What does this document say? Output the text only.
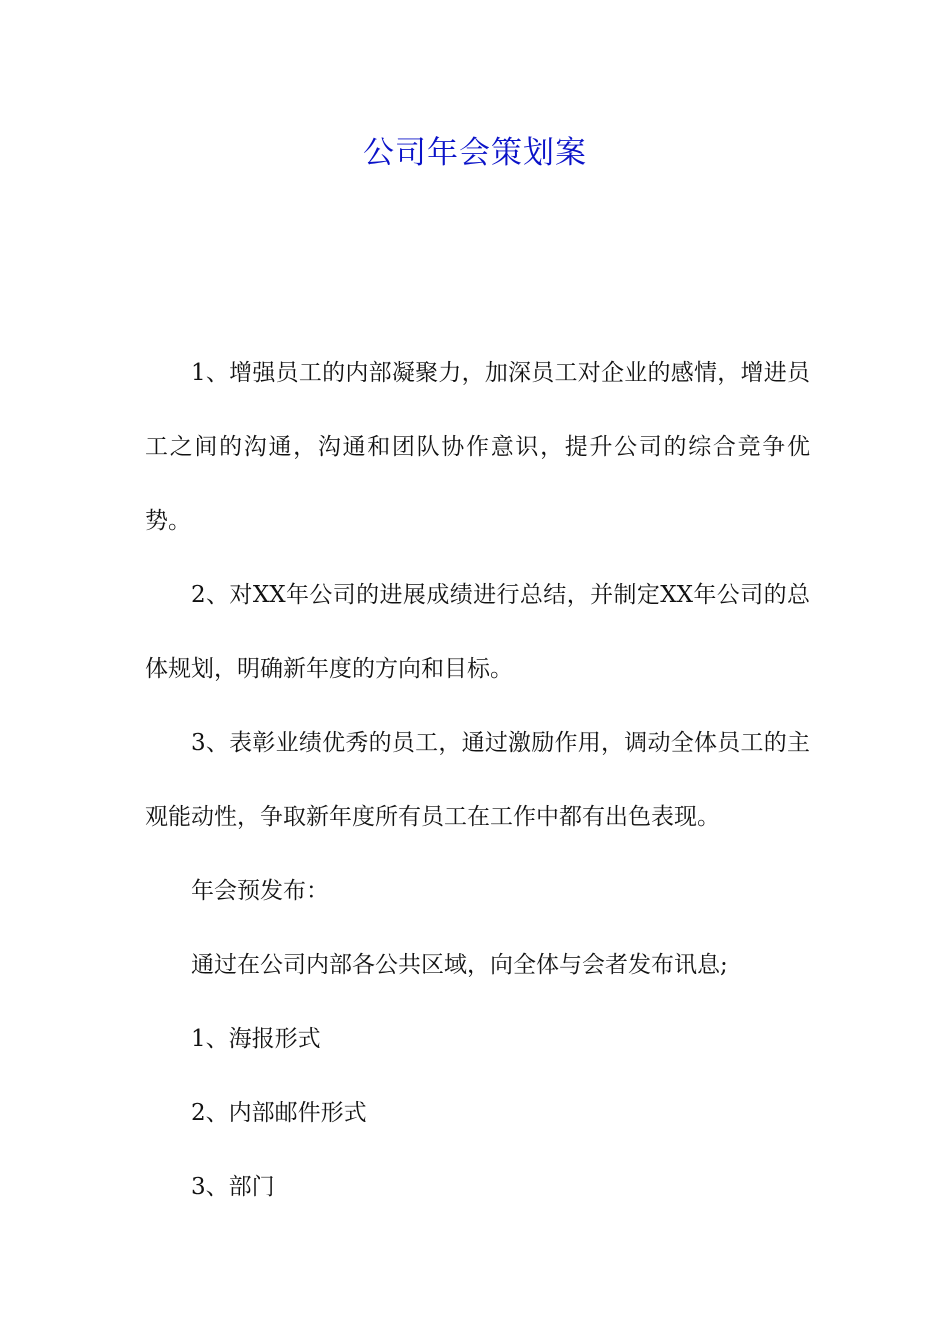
公司年会策划案

1、增强员工的内部凝聚力，加深员工对企业的感情，增进员工之间的沟通，沟通和团队协作意识，提升公司的综合竞争优势。

2、对XX年公司的进展成绩进行总结，并制定XX年公司的总体规划，明确新年度的方向和目标。

3、表彰业绩优秀的员工，通过激励作用，调动全体员工的主观能动性，争取新年度所有员工在工作中都有出色表现。

年会预发布：

通过在公司内部各公共区域，向全体与会者发布讯息;

1、海报形式

2、内部邮件形式

3、部门
